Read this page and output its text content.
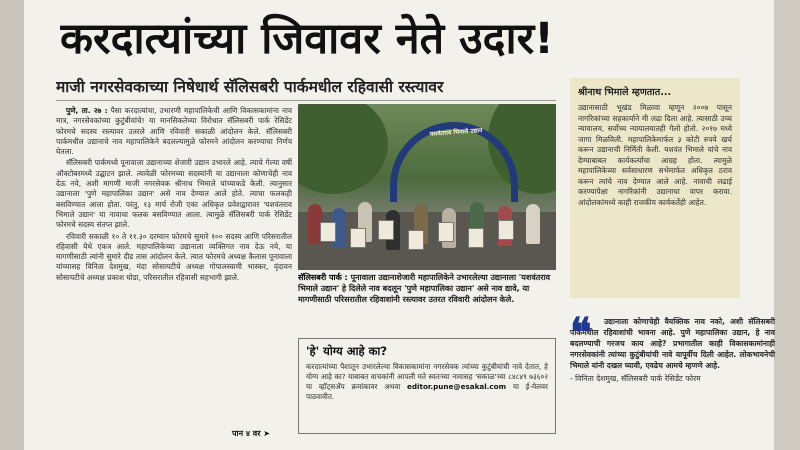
करदात्यांच्या जिवावर नेते उदार!
माजी नगरसेवकाच्या निषेधार्थ सॅलिसबरी पार्कमधील रहिवासी रस्त्यावर

पुणे, ता. २७ : पैसा करदात्यांचा, उभारणी महापालिकेची आणि विकासकामांना नाव मात्र, नगरसेवकांच्या कुटुंबीयांचे! या मानसिकतेच्या विरोधात सॅलिसबरी पार्क रेसिडेंट फोरमचे सदस्य रस्त्यावर उतरले आणि रविवारी सकाळी आंदोलन केले. सॅलिसबरी पार्कमधील उद्यानाचे नाव महापालिकेने बदलल्यामुळे फोरमने आंदोलन करण्याचा निर्णय घेतला.

सॅलिसबरी पार्कमध्ये पूनावाला उद्यानाच्या शेजारी उद्यान उभारले आहे. त्याचे गेल्या वर्षी ऑक्टोबरमध्ये उद्घाटन झाले. त्यावेळी फोरमच्या सदस्यांनी या उद्यानाला कोणाचेही नाव देऊ नये, अशी मागणी माजी नगरसेवक श्रीनाथ भिमाले यांच्याकडे केली. त्यानुसार उद्यानाला 'पुणे महापालिका उद्यान' असे नाव देण्यात आले होते. त्याचा फलकही बसविण्यात आला होता. परंतु, १३ मार्च रोजी एका अधिकृत प्रवेशद्वारावर 'यशवंतराव भिमाले उद्यान' या नावाचा फलक बसविण्यात आला. त्यामुळे सॅलिसबरी पार्क रेसिडेंट फोरमचे सदस्य संतप्त झाले.

रविवारी सकाळी १० ते ११.३० दरम्यान फोरमचे सुमारे १०० सदस्य आणि परिसरातील रहिवासी येथे एकत्र आले. महापालिकेच्या उद्यानाला व्यक्तिगत नाव देऊ नये, या मागणीसाठी त्यांनी सुमारे दीड तास आंदोलन केले. त्यात फोरमचे अध्यक्ष कैलास पूनावाला यांच्यासह विनिता देशमुख, मंदा सोसायटीचे अध्यक्ष गोपालस्वामी भास्कर, वृंदावन सोसायटीचे अध्यक्ष प्रकाश घोडा, परिसरातील रहिवासी सहभागी झाले.

पान ४ वर ➤
यशवंतराव भिमाले उद्यान
सॅलिसबरी पार्क : पूनावाला उद्यानाशेजारी महापालिकेने उभारलेल्या उद्यानाला 'यशवंतराव भिमाले उद्यान' हे दिलेले नाव बदलून 'पुणे महापालिका उद्यान' असे नाव द्यावे, या मागणीसाठी परिसरातील रहिवाशांनी रस्त्यावर उतरत रविवारी आंदोलन केले.
'हे' योग्य आहे का?
करदात्यांच्या पैशातून उभारलेल्या विकासकामांना नगरसेवक त्यांच्या कुटुंबीयांची नावे देतात, हे योग्य आहे का? याबाबत वाचकांनी आपली मते स्वतःच्या नावासह 'सकाळ'च्या ८४८४९ ७३६०२ या व्हॉट्सॲप क्रमांकावर अथवा editor.pune@esakal.com या ई-मेलवर पाठवावीत.
श्रीनाथ भिमाले म्हणतात...
उद्यानासाठी भूखंड मिळावा म्हणून २००७ पासून नागरिकांच्या सहकार्याने मी लढा दिला आहे. त्यासाठी उच्च न्यायालय, सर्वोच्च न्यायालयातही गेलो होतो. २०१७ मध्ये जागा मिळविली. महापालिकेमार्फत ३ कोटी रुपये खर्च करून उद्यानाची निर्मिती केली. यशवंत भिमाले यांचे नाव देण्याबाबत कार्यकर्त्यांचा आग्रह होता. त्यामुळे महापालिकेच्या सर्वसाधारण सभेमार्फत अधिकृत ठराव करून त्यांचे नाव देण्यात आले आहे. नावाची लढाई करण्यापेक्षा नागरिकांनी उद्यानाचा वापर करावा. आंदोलकांमध्ये काही राजकीय कार्यकर्तेही आहेत.
उद्यानाला कोणाचेही वैयक्तिक नाव नको, अशी सॅलिसबरी पार्कमधील रहिवाशांची भावना आहे. पुणे महापालिका उद्यान, हे नाव बदलण्याची गरजच काय आहे? प्रभागातील काही विकासकामांनाही नगरसेवकांनी त्यांच्या कुटुंबीयांची नावे यापूर्वीच दिली आहेत. लोकभावनेची भिमाले यांनी दखल घ्यावी, एवढेच आमचे म्हणणे आहे.
- विनिता देशमुख, सॅलिसबरी पार्क रेसिडेंट फोरम
❝
